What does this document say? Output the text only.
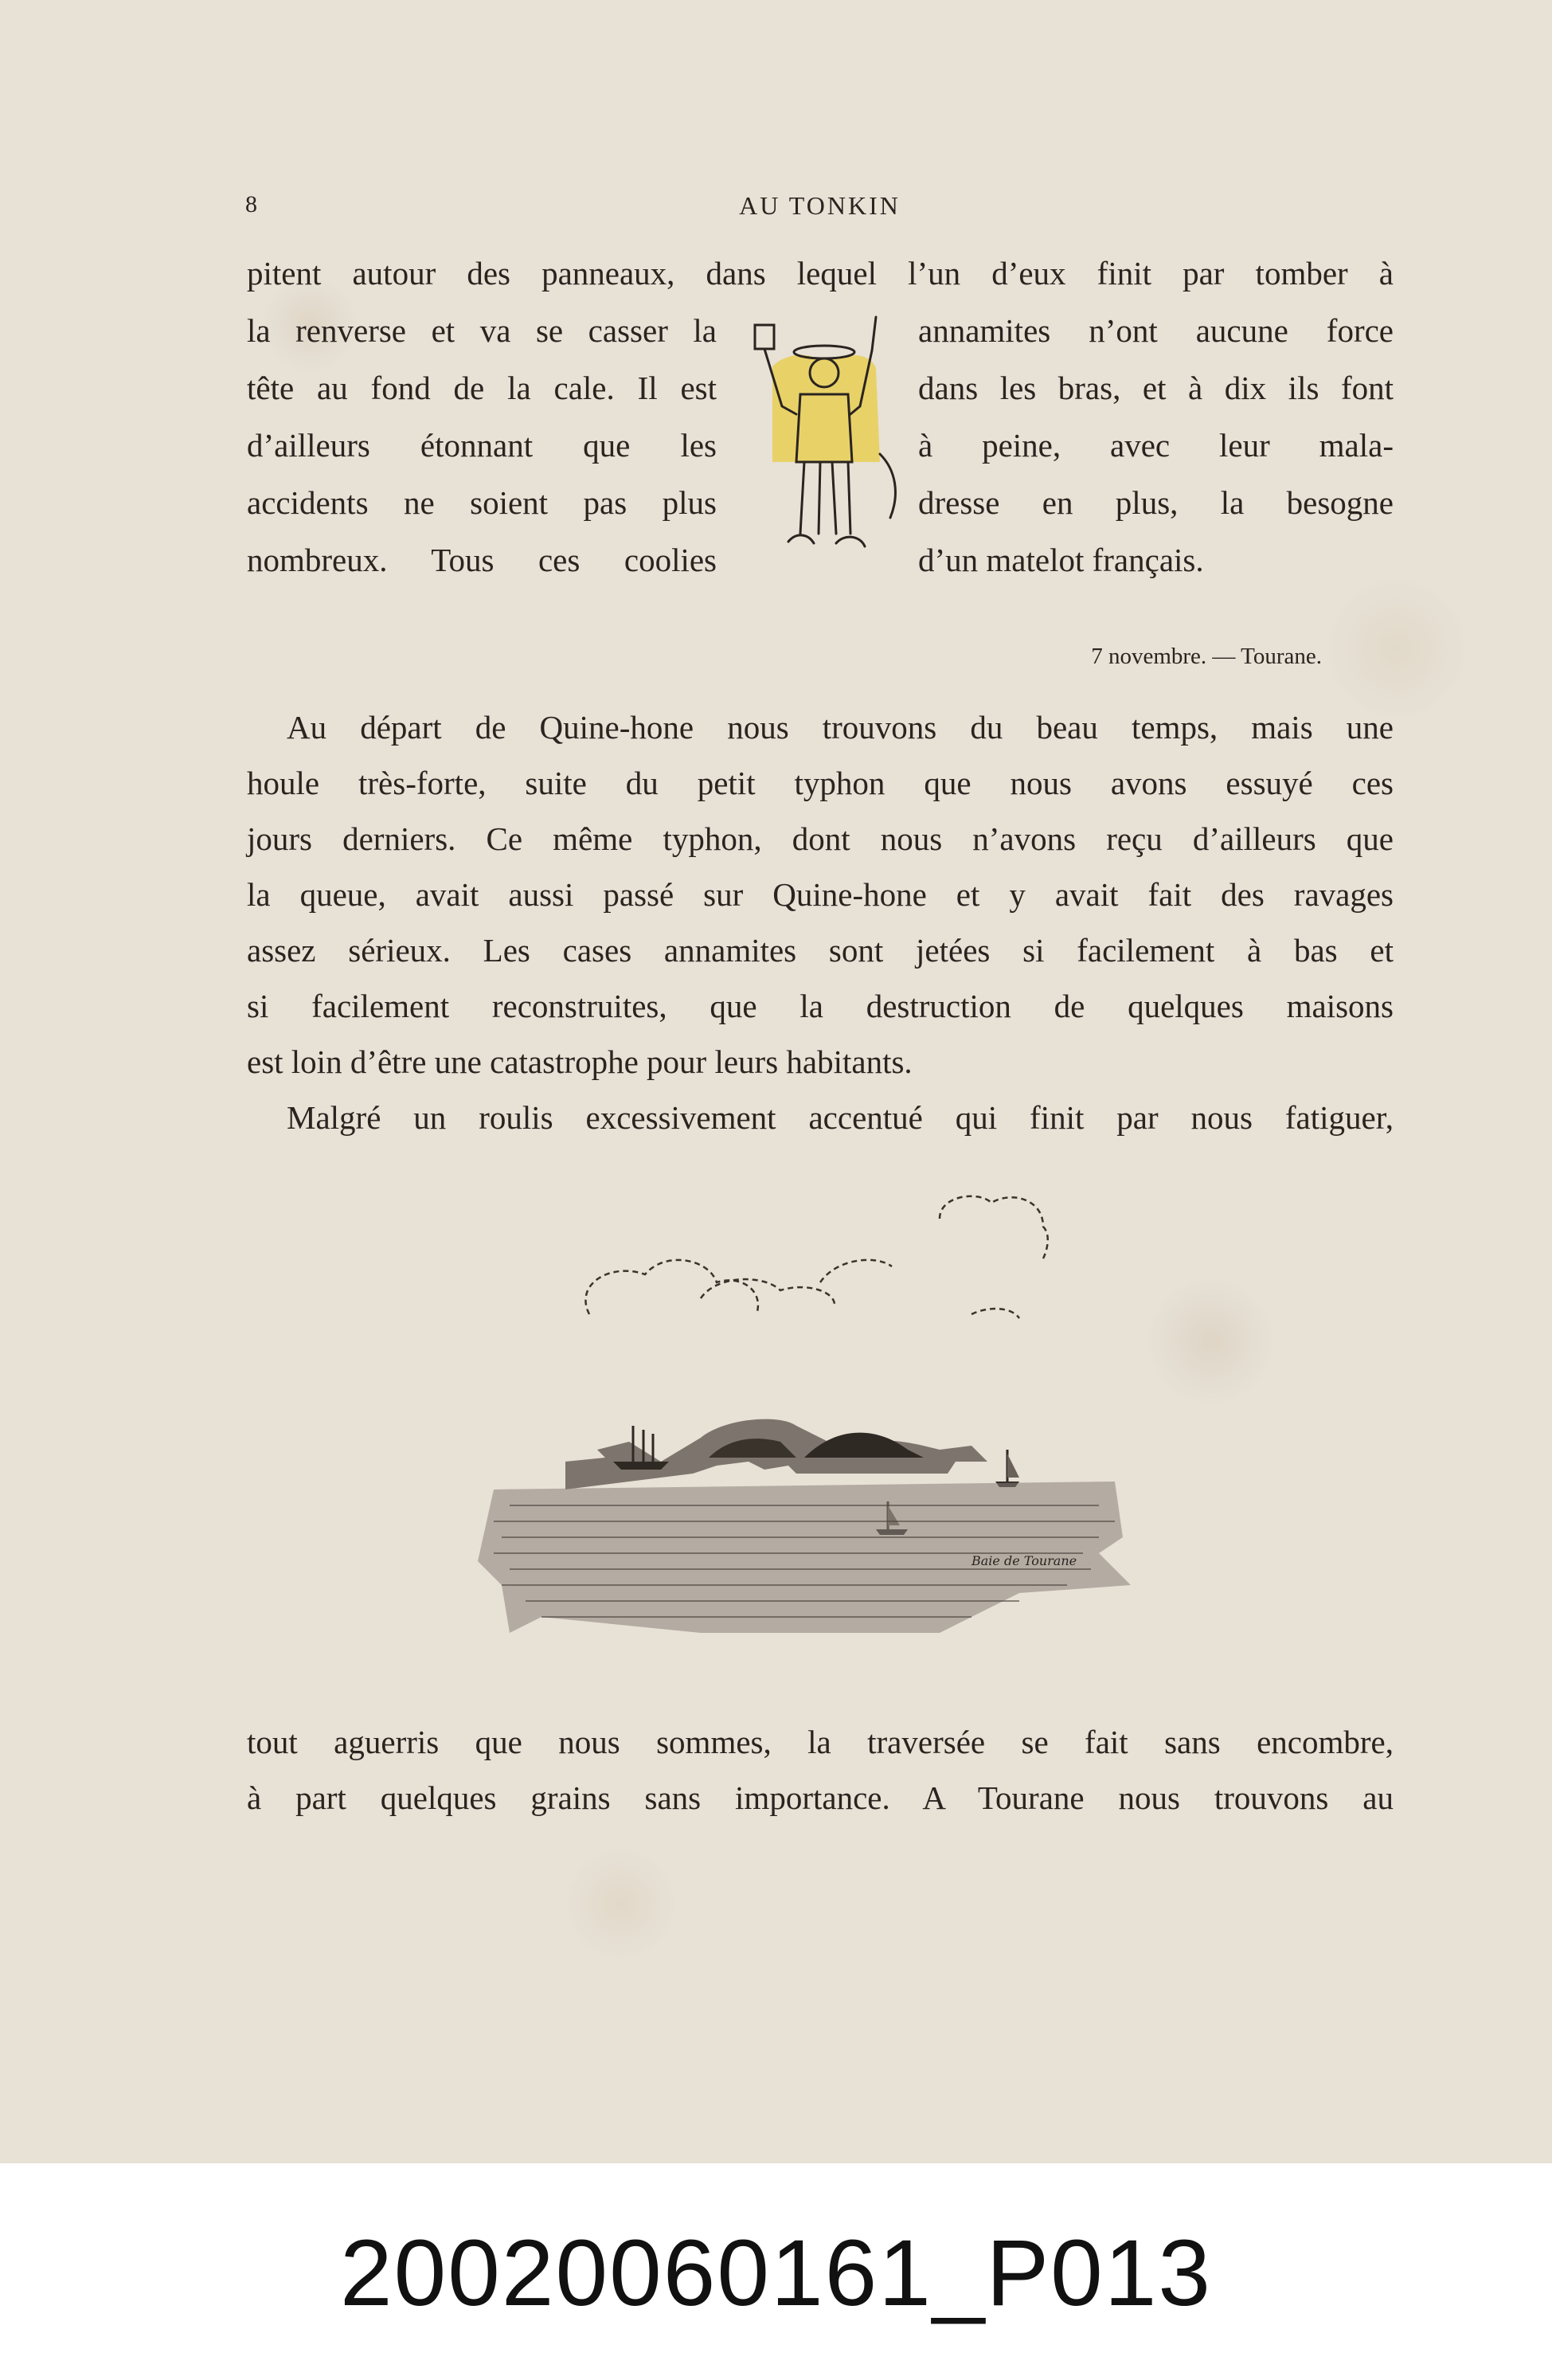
8	AU TONKIN
pitent autour des panneaux, dans lequel l’un d’eux finit par tomber à
la renverse et va se casser la
tête au fond de la cale. Il est
d’ailleurs étonnant que les
accidents ne soient pas plus
nombreux. Tous ces coolies
annamites n’ont aucune force
dans les bras, et à dix ils font
à peine, avec leur mala-
dresse en plus, la besogne
d’un matelot français.
7 novembre. — Tourane.
Au départ de Quine-hone nous trouvons du beau temps, mais une
houle très-forte, suite du petit typhon que nous avons essuyé ces
jours derniers. Ce même typhon, dont nous n’avons reçu d’ailleurs que
la queue, avait aussi passé sur Quine-hone et y avait fait des ravages
assez sérieux. Les cases annamites sont jetées si facilement à bas et
si facilement reconstruites, que la destruction de quelques maisons
est loin d’être une catastrophe pour leurs habitants.
Malgré un roulis excessivement accentué qui finit par nous fatiguer,
Baie de Tourane
tout aguerris que nous sommes, la traversée se fait sans encombre,
à part quelques grains sans importance. A Tourane nous trouvons au
20020060161_P013
